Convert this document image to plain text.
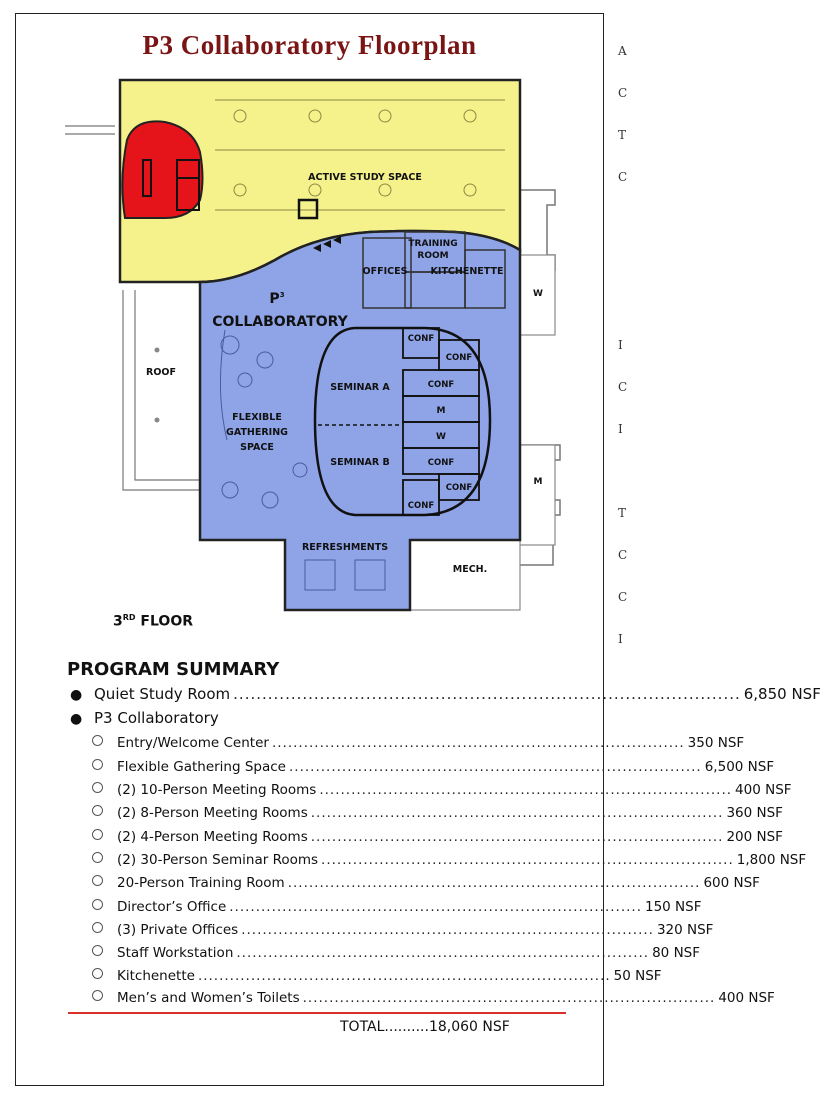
A
C
T
C

I
C
I

T
C
C
I
P3 Collaboratory Floorplan
ACTIVE STUDY SPACE
TRAINING
ROOM
OFFICES KITCHENETTE
$P^3$
COLLABORATORY
ROOF
FLEXIBLE
GATHERING
SPACE
SEMINAR A
SEMINAR B
CONF
CONF
CONF
M
W
CONF
CONF
CONF
W
M
REFRESHMENTS
MECH.
3RD FLOOR
PROGRAM SUMMARY
● Quiet Study Room ........................................................................................ 6,850 NSF
● P3 Collaboratory
Entry/Welcome Center .............................................................................. 350 NSF
Flexible Gathering Space .............................................................................. 6,500 NSF
(2) 10-Person Meeting Rooms .............................................................................. 400 NSF
(2) 8-Person Meeting Rooms .............................................................................. 360 NSF
(2) 4-Person Meeting Rooms .............................................................................. 200 NSF
(2) 30-Person Seminar Rooms .............................................................................. 1,800 NSF
20-Person Training Room .............................................................................. 600 NSF
Director’s Office .............................................................................. 150 NSF
(3) Private Offices .............................................................................. 320 NSF
Staff Workstation .............................................................................. 80 NSF
Kitchenette .............................................................................. 50 NSF
Men’s and Women’s Toilets .............................................................................. 400 NSF
TOTAL..........18,060 NSF
